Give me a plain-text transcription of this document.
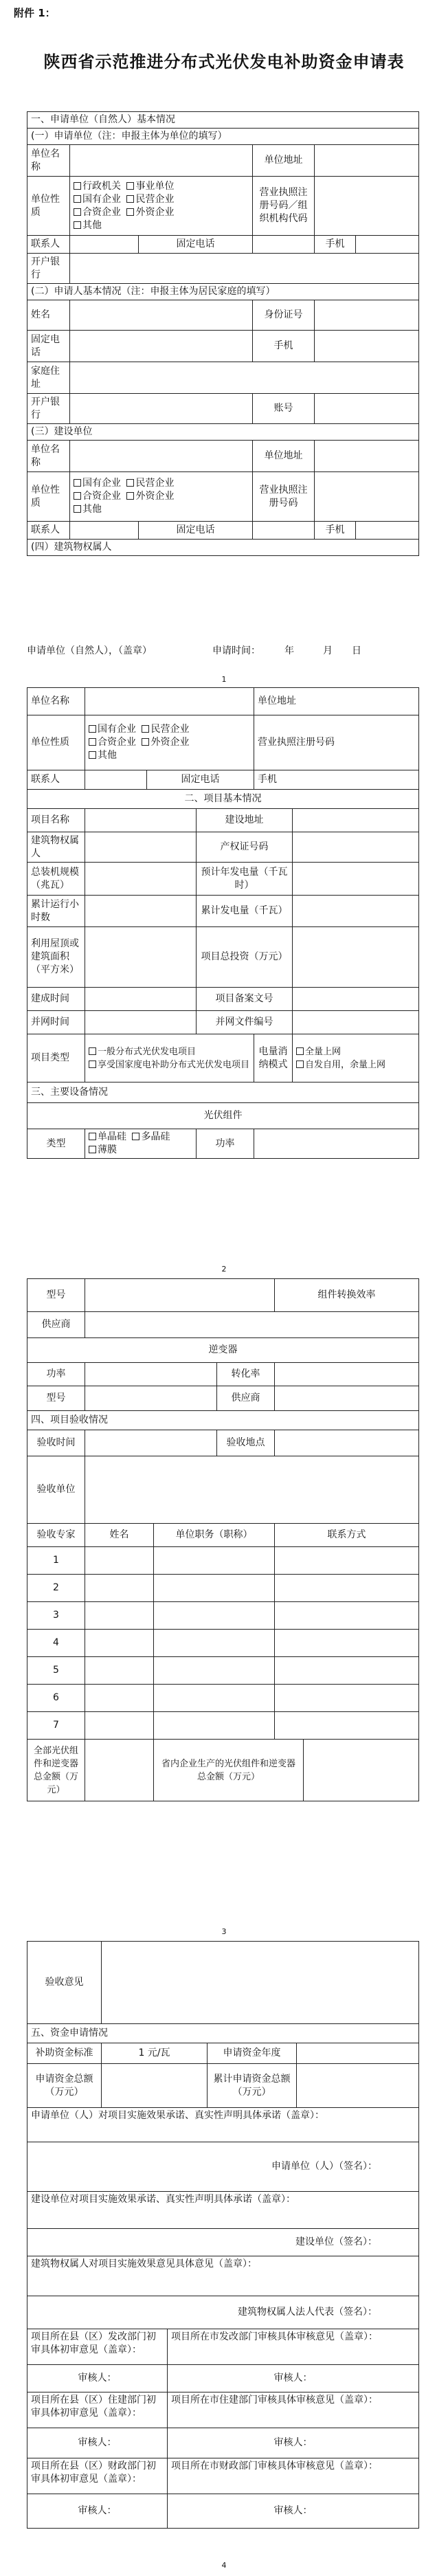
附件 1：
陕西省示范推进分布式光伏发电补助资金申请表
一、申请单位（自然人）基本情况					
(一）申请单位（注：申报主体为单位的填写）					
单位名称			单位地址		
单位性质	行政机关 事业单位
国有企业 民营企业
合资企业 外资企业
其他		营业执照注册号码／组织机构代码		
联系人		固定电话		手机	
开户银行					
(二）申请人基本情况（注：申报主体为居民家庭的填写）					
姓名			身份证号		
固定电话			手机		
家庭住址					
开户银行			账号		
(三）建设单位					
单位名称			单位地址		
单位性质	国有企业 民营企业
合资企业 外资企业
其他		营业执照注册号码		
联系人		固定电话		手机	
(四）建筑物权属人					
申请单位（自然人），（盖章）	申请时间：　　　年　　　月　　日
1
单位名称				单位地址	
单位性质	国有企业 民营企业
合资企业 外资企业
其他			营业执照注册号码	
联系人		固定电话		手机	
二、项目基本情况					
项目名称			建设地址		
建筑物权属人			产权证号码		
总装机规模（兆瓦）			预计年发电量（千瓦时）		
累计运行小时数			累计发电量（千瓦）		
利用屋顶或建筑面积（平方米）			项目总投资（万元）		
建成时间			项目备案文号		
并网时间			并网文件编号		
项目类型	一般分布式光伏发电项目
享受国家度电补助分布式光伏发电项目			电量消纳模式	全量上网
自发自用，余量上网
三、主要设备情况					
光伏组件					
类型	单晶硅 多晶硅
薄膜		功率		
2
型号				组件转换效率	
供应商					
逆变器					
功率			转化率		
型号			供应商		
四、项目验收情况					
验收时间			验收地点		
验收单位					
验收专家	姓名	单位职务（职称）		联系方式	
1					
2					
3					
4					
5					
6					
7					
全部光伏组件和逆变器总金额（万元）		省内企业生产的光伏组件和逆变器总金额（万元）			
3
验收意见				
五、资金申请情况				
补助资金标准	1 元/瓦		申请资金年度	
申请资金总额（万元）			累计申请资金总额（万元）	
申请单位（人）对项目实施效果承诺、真实性声明具体承诺（盖章）：				
申请单位（人）（签名）：				
建设单位对项目实施效果承诺、真实性声明具体承诺（盖章）：				
建设单位（签名）：				
建筑物权属人对项目实施效果意见具体意见（盖章）：				
建筑物权属人法人代表（签名）：				
项目所在县（区）发改部门初审具体初审意见（盖章）：		项目所在市发改部门审核具体审核意见（盖章）：		
审核人：		审核人：		
项目所在县（区）住建部门初审具体初审意见（盖章）：		项目所在市住建部门审核具体审核意见（盖章）：		
审核人：		审核人：		
项目所在县（区）财政部门初审具体初审意见（盖章）：		项目所在市财政部门审核具体审核意见（盖章）：		
审核人：		审核人：		
4
